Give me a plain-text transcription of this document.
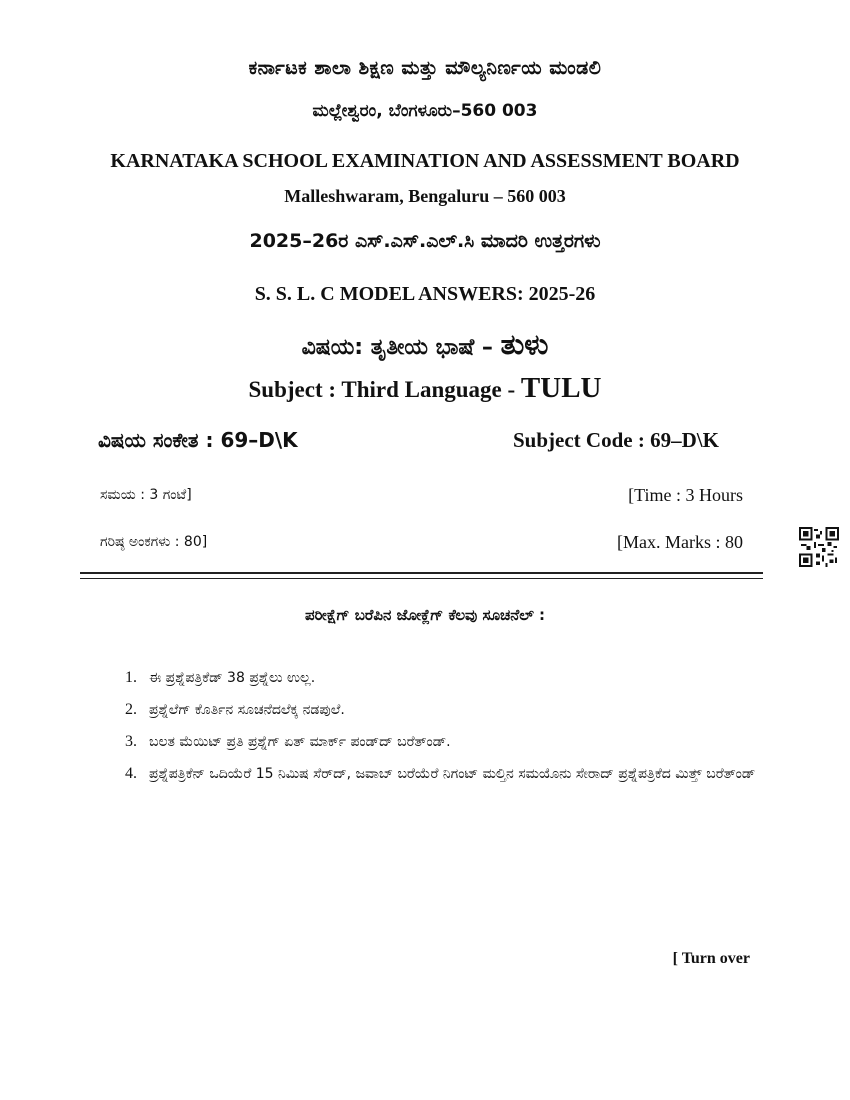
ಕರ್ನಾಟಕ ಶಾಲಾ ಶಿಕ್ಷಣ ಮತ್ತು ಮೌಲ್ಯನಿರ್ಣಯ ಮಂಡಲಿ
ಮಲ್ಲೇಶ್ವರಂ, ಬೆಂಗಳೂರು–560 003
KARNATAKA SCHOOL EXAMINATION AND ASSESSMENT BOARD
Malleshwaram, Bengaluru – 560 003
2025–26ರ ಎಸ್.ಎಸ್.ಎಲ್.ಸಿ ಮಾದರಿ ಉತ್ತರಗಳು
S. S. L. C MODEL ANSWERS: 2025-26
ವಿಷಯ: ತೃತೀಯ ಭಾಷೆ – ತುಳು
Subject : Third Language - TULU
ವಿಷಯ ಸಂಕೇತ : 69–D\K	Subject Code : 69–D\K
ಸಮಯ : 3 ಗಂಟೆ]	[Time : 3 Hours
ಗರಿಷ್ಠ ಅಂಕಗಳು : 80]	[Max. Marks : 80
ಪರೀಕ್ಷೆಗ್ ಬರೆಪಿನ ಜೋಕ್ಲೆಗ್ ಕೆಲವು ಸೂಚನೆಲ್ :
1. ಈ ಪ್ರಶ್ನೆಪತ್ರಿಕೆಡ್ 38 ಪ್ರಶ್ನೆಲು ಉಲ್ಲ.
2. ಪ್ರಶ್ನೆಲೆಗ್ ಕೊರ್ತಿನ ಸೂಚನೆದಲೆಕ್ಕ ನಡಪುಲೆ.
3. ಬಲತ ಮೆಯಿಟ್ ಪ್ರತಿ ಪ್ರಶ್ನೆಗ್ ಏತ್ ಮಾರ್ಕ್ ಪಂಡ್‌ದ್ ಬರೆತ್ಂಡ್.
4. ಪ್ರಶ್ನೆಪತ್ರಿಕೆನ್ ಒದಿಯೆರೆ 15 ನಿಮಿಷ ಸೆರ್‌ದ್, ಜವಾಬ್ ಬರೆಯೆರೆ ನಿಗಂಟ್ ಮಲ್ತಿನ ಸಮಯೊನು ಸೇರಾದ್ ಪ್ರಶ್ನೆಪತ್ರಿಕೆದ ಮಿತ್ತ್ ಬರೆತ್ಂಡ್
[ Turn over
